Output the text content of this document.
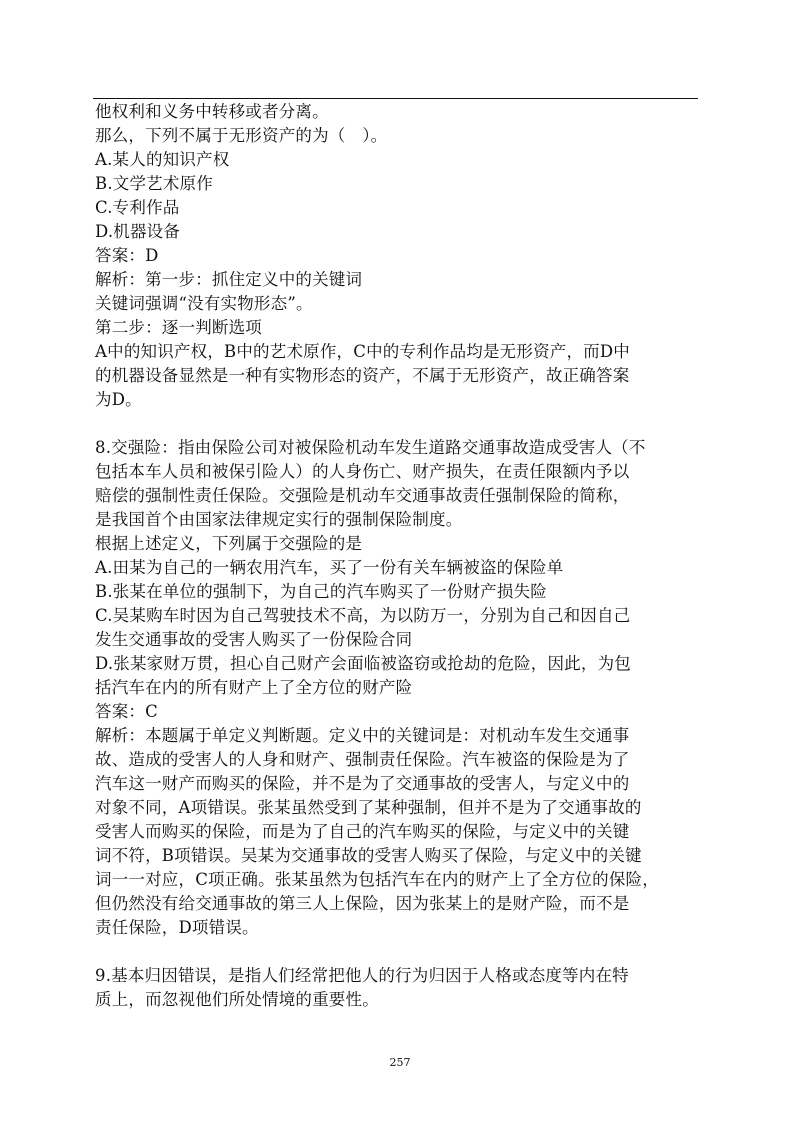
他权利和义务中转移或者分离。
那么，下列不属于无形资产的为（　）。
A.某人的知识产权
B.文学艺术原作
C.专利作品
D.机器设备
答案：D
解析：第一步：抓住定义中的关键词
关键词强调“没有实物形态”。
第二步：逐一判断选项
A中的知识产权，B中的艺术原作，C中的专利作品均是无形资产，而D中
的机器设备显然是一种有实物形态的资产，不属于无形资产，故正确答案
为D。
8.交强险：指由保险公司对被保险机动车发生道路交通事故造成受害人（不
包括本车人员和被保引险人）的人身伤亡、财产损失，在责任限额内予以
赔偿的强制性责任保险。交强险是机动车交通事故责任强制保险的简称，
是我国首个由国家法律规定实行的强制保险制度。
根据上述定义，下列属于交强险的是
A.田某为自己的一辆农用汽车，买了一份有关车辆被盗的保险单
B.张某在单位的强制下，为自己的汽车购买了一份财产损失险
C.吴某购车时因为自己驾驶技术不高，为以防万一，分别为自己和因自己
发生交通事故的受害人购买了一份保险合同
D.张某家财万贯，担心自己财产会面临被盗窃或抢劫的危险，因此，为包
括汽车在内的所有财产上了全方位的财产险
答案：C
解析：本题属于单定义判断题。定义中的关键词是：对机动车发生交通事
故、造成的受害人的人身和财产、强制责任保险。汽车被盗的保险是为了
汽车这一财产而购买的保险，并不是为了交通事故的受害人，与定义中的
对象不同，A项错误。张某虽然受到了某种强制，但并不是为了交通事故的
受害人而购买的保险，而是为了自己的汽车购买的保险，与定义中的关键
词不符，B项错误。吴某为交通事故的受害人购买了保险，与定义中的关键
词一一对应，C项正确。张某虽然为包括汽车在内的财产上了全方位的保险，
但仍然没有给交通事故的第三人上保险，因为张某上的是财产险，而不是
责任保险，D项错误。
9.基本归因错误，是指人们经常把他人的行为归因于人格或态度等内在特
质上，而忽视他们所处情境的重要性。
257
